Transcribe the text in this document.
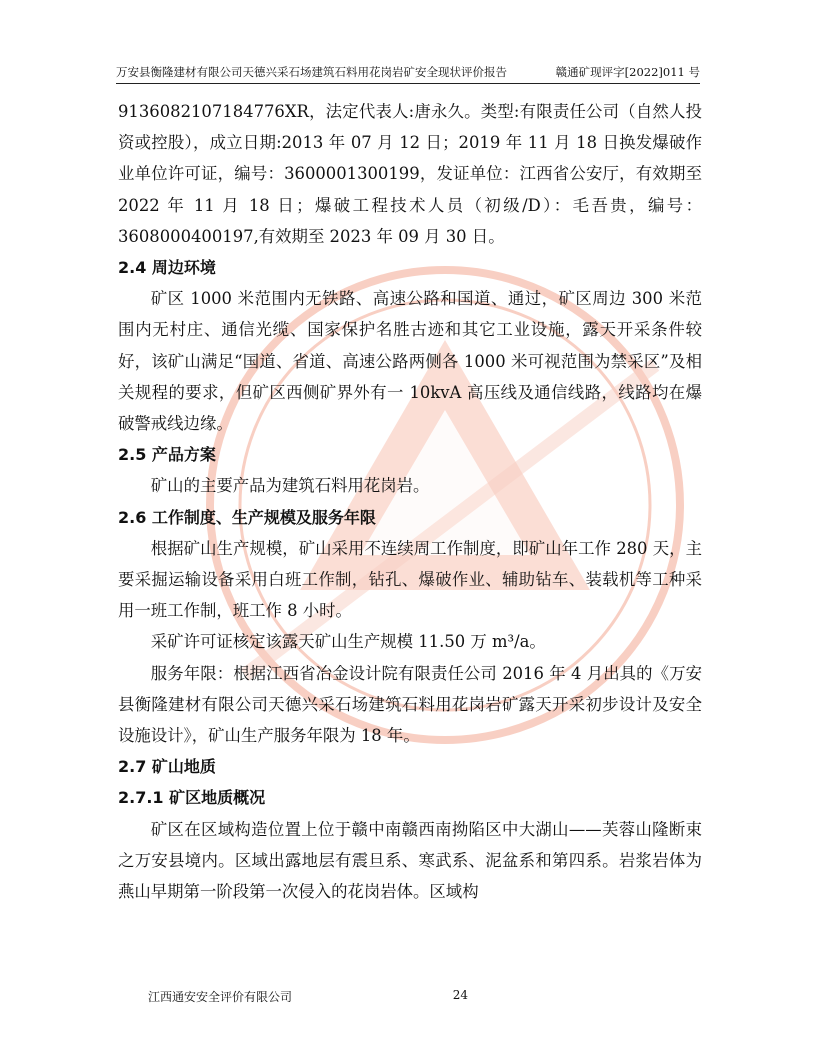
万安县衡隆建材有限公司天德兴采石场建筑石料用花岗岩矿安全现状评价报告	赣通矿现评字[2022]011 号

9136082107184776XR，法定代表人:唐永久。类型:有限责任公司（自然人投资或控股），成立日期:2013 年 07 月 12 日；2019 年 11 月 18 日换发爆破作业单位许可证，编号：3600001300199，发证单位：江西省公安厅，有效期至 2022 年 11 月 18 日；爆破工程技术人员（初级/D）：毛吾贵，编号：3608000400197,有效期至 2023 年 09 月 30 日。

2.4 周边环境

矿区 1000 米范围内无铁路、高速公路和国道、通过，矿区周边 300 米范围内无村庄、通信光缆、国家保护名胜古迹和其它工业设施，露天开采条件较好，该矿山满足“国道、省道、高速公路两侧各 1000 米可视范围为禁采区”及相关规程的要求，但矿区西侧矿界外有一 10kvA 高压线及通信线路，线路均在爆破警戒线边缘。

2.5 产品方案

矿山的主要产品为建筑石料用花岗岩。

2.6 工作制度、生产规模及服务年限

根据矿山生产规模，矿山采用不连续周工作制度，即矿山年工作 280 天，主要采掘运输设备采用白班工作制，钻孔、爆破作业、辅助钻车、装载机等工种采用一班工作制，班工作 8 小时。

采矿许可证核定该露天矿山生产规模 11.50 万 m³/a。

服务年限：根据江西省冶金设计院有限责任公司 2016 年 4 月出具的《万安县衡隆建材有限公司天德兴采石场建筑石料用花岗岩矿露天开采初步设计及安全设施设计》，矿山生产服务年限为 18 年。

2.7 矿山地质
2.7.1 矿区地质概况

矿区在区域构造位置上位于赣中南赣西南拗陷区中大湖山——芙蓉山隆断束之万安县境内。区域出露地层有震旦系、寒武系、泥盆系和第四系。岩浆岩体为燕山早期第一阶段第一次侵入的花岗岩体。区域构

江西通安安全评价有限公司	24
